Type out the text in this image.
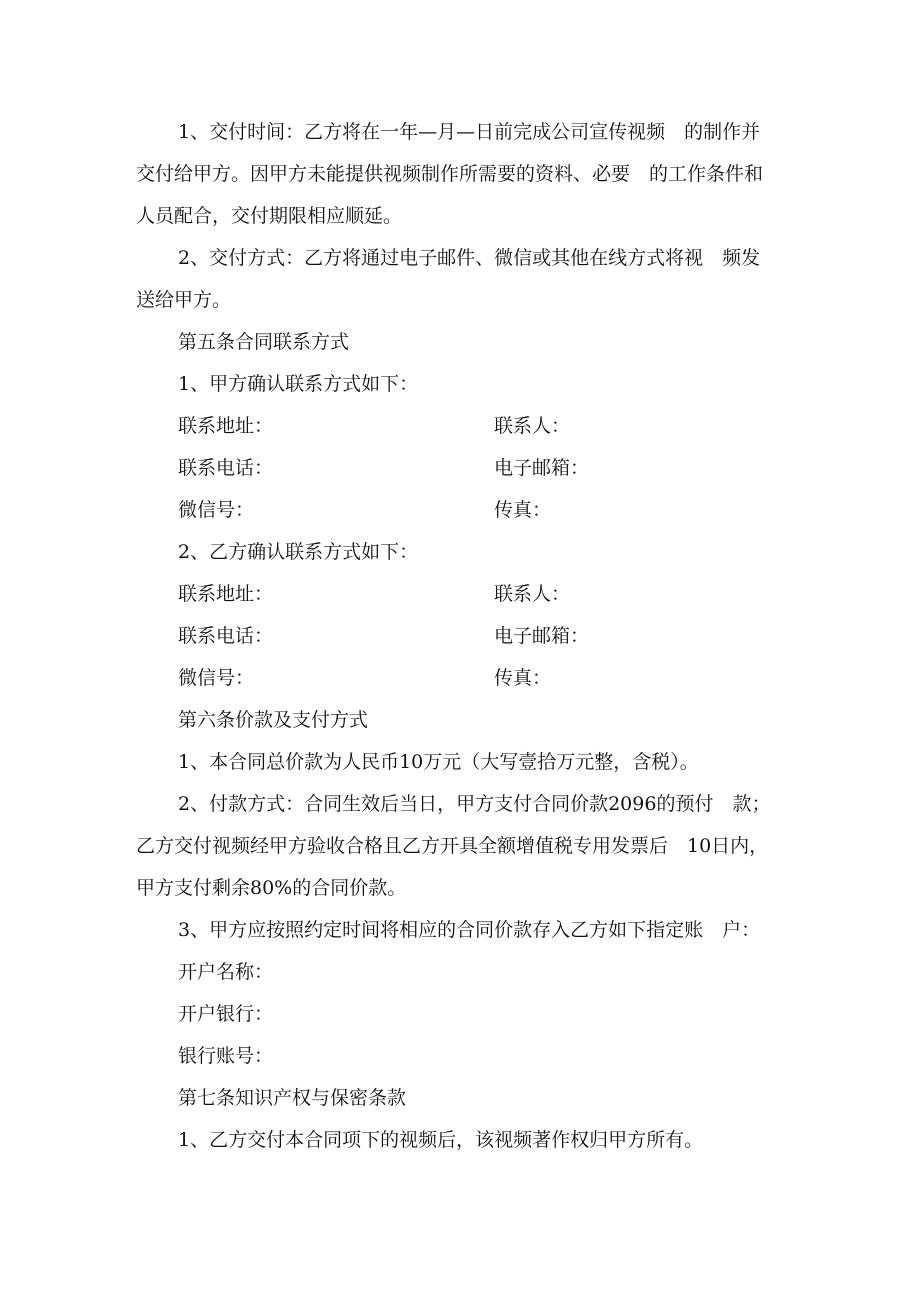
1、交付时间：乙方将在一年—月—日前完成公司宣传视频　的制作并
交付给甲方。因甲方未能提供视频制作所需要的资料、必要　的工作条件和
人员配合，交付期限相应顺延。
2、交付方式：乙方将通过电子邮件、微信或其他在线方式将视　频发
送给甲方。
第五条合同联系方式
1、甲方确认联系方式如下：
联系地址：	联系人：
联系电话：	电子邮箱：
微信号：	传真：
2、乙方确认联系方式如下：
联系地址：	联系人：
联系电话：	电子邮箱：
微信号：	传真：
第六条价款及支付方式
1、本合同总价款为人民币10万元（大写壹拾万元整，含税）。
2、付款方式：合同生效后当日，甲方支付合同价款2096的预付　款；
乙方交付视频经甲方验收合格且乙方开具全额增值税专用发票后　10日内，
甲方支付剩余80%的合同价款。
3、甲方应按照约定时间将相应的合同价款存入乙方如下指定账　户：
开户名称：
开户银行：
银行账号：
第七条知识产权与保密条款
1、乙方交付本合同项下的视频后，该视频著作权归甲方所有。
